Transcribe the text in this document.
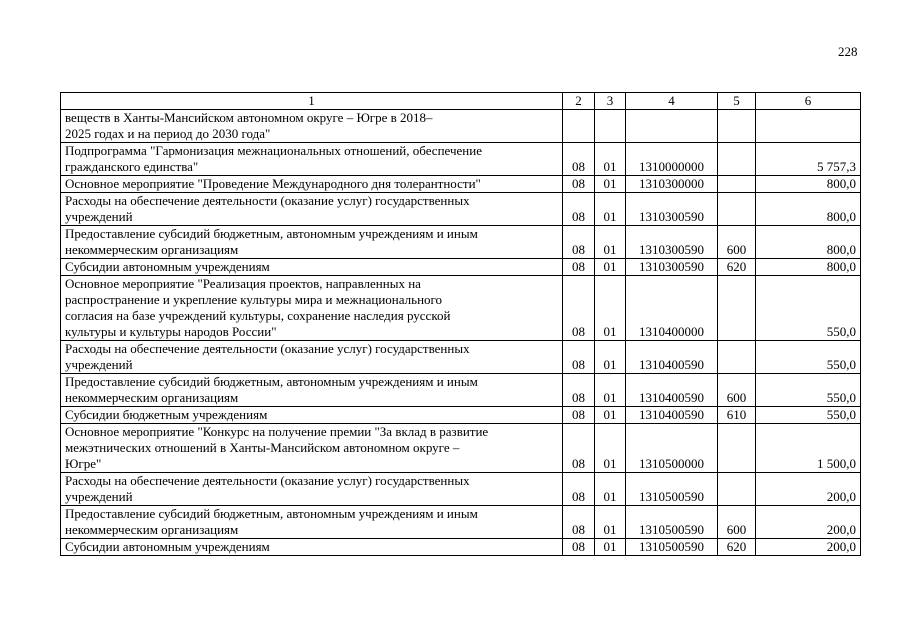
228
1	2	3	4	5	6
веществ в Ханты-Мансийском автономном округе – Югре в 2018–
2025 годах и на период до 2030 года"					
Подпрограмма "Гармонизация межнациональных отношений, обеспечение
гражданского единства"	08	01	1310000000		5 757,3
Основное мероприятие "Проведение Международного дня толерантности"	08	01	1310300000		800,0
Расходы на обеспечение деятельности (оказание услуг) государственных
учреждений	08	01	1310300590		800,0
Предоставление субсидий бюджетным, автономным учреждениям и иным
некоммерческим организациям	08	01	1310300590	600	800,0
Субсидии автономным учреждениям	08	01	1310300590	620	800,0
Основное мероприятие "Реализация проектов, направленных на
распространение и укрепление культуры мира и межнационального
согласия на базе учреждений культуры, сохранение наследия русской
культуры и культуры народов России"	08	01	1310400000		550,0
Расходы на обеспечение деятельности (оказание услуг) государственных
учреждений	08	01	1310400590		550,0
Предоставление субсидий бюджетным, автономным учреждениям и иным
некоммерческим организациям	08	01	1310400590	600	550,0
Субсидии бюджетным учреждениям	08	01	1310400590	610	550,0
Основное мероприятие "Конкурс на получение премии "За вклад в развитие
межэтнических отношений в Ханты-Мансийском автономном округе –
Югре"	08	01	1310500000		1 500,0
Расходы на обеспечение деятельности (оказание услуг) государственных
учреждений	08	01	1310500590		200,0
Предоставление субсидий бюджетным, автономным учреждениям и иным
некоммерческим организациям	08	01	1310500590	600	200,0
Субсидии автономным учреждениям	08	01	1310500590	620	200,0
